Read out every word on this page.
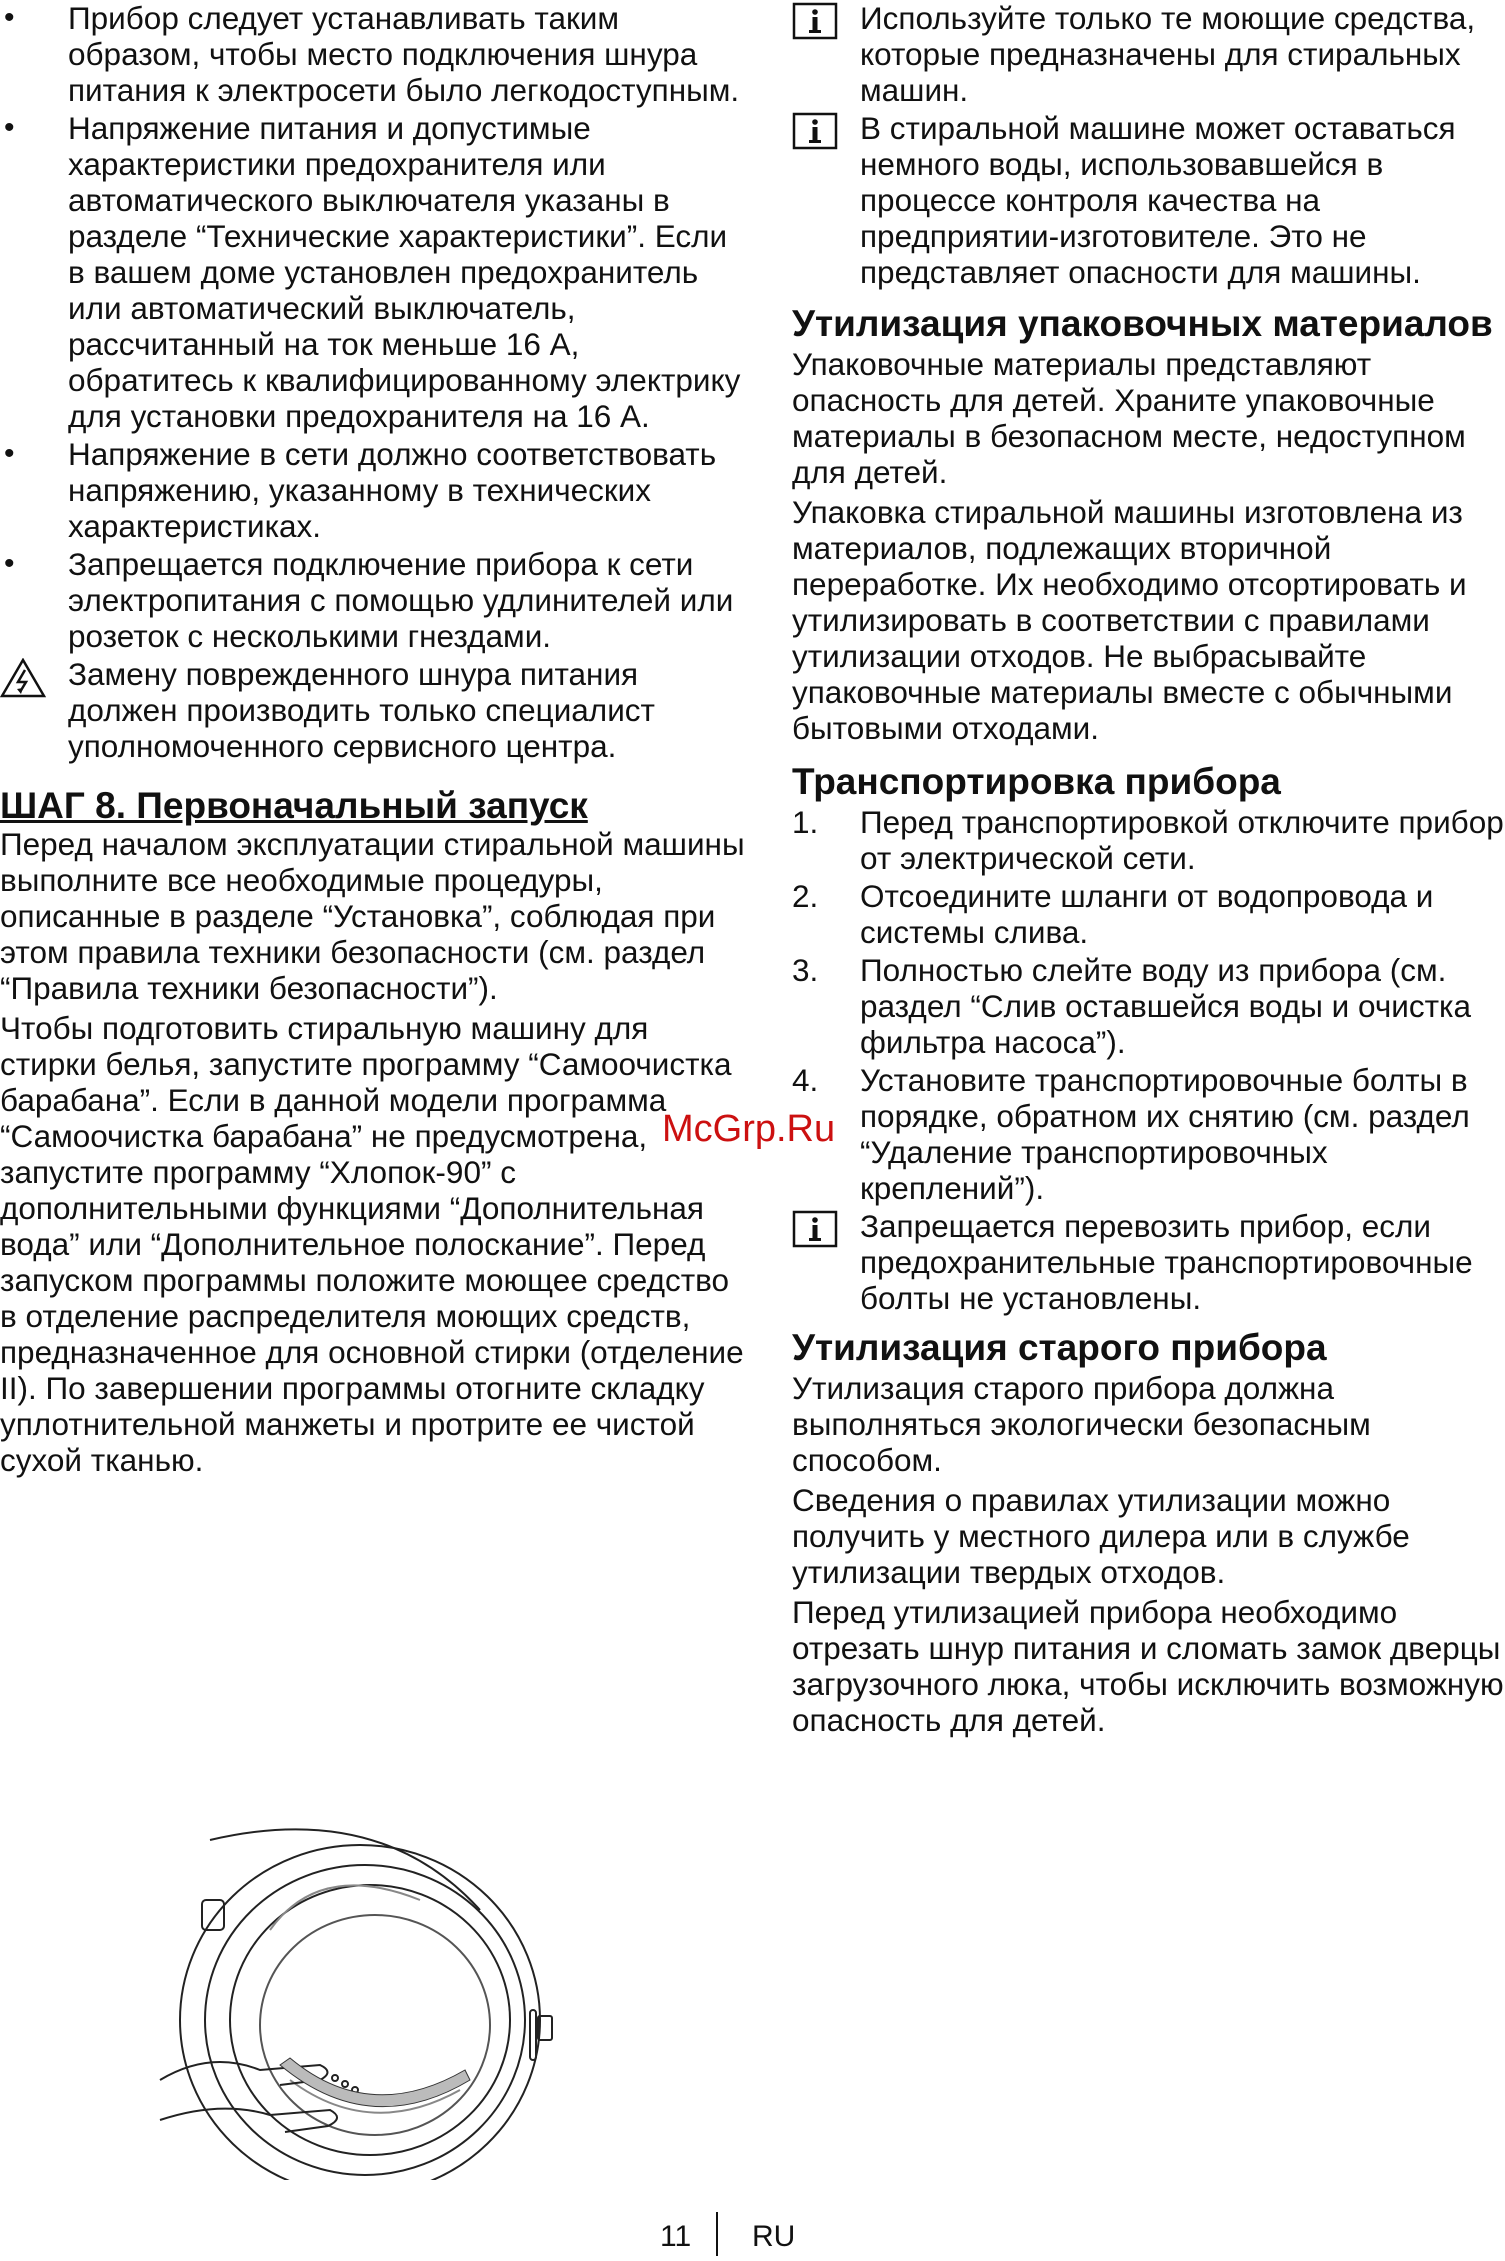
• Прибор следует устанавливать таким образом, чтобы место подключения шнура питания к электросети было легкодоступным.
• Напряжение питания и допустимые характеристики предохранителя или автоматического выключателя указаны в разделе “Технические характеристики”. Если в вашем доме установлен предохранитель или автоматический выключатель, рассчитанный на ток меньше 16 А, обратитесь к квалифицированному электрику для установки предохранителя на 16 А.
• Напряжение в сети должно соответствовать напряжению, указанному в технических характеристиках.
• Запрещается подключение прибора к сети электропитания с помощью удлинителей или розеток с несколькими гнездами.
Замену поврежденного шнура питания должен производить только специалист уполномоченного сервисного центра.
ШАГ 8. Первоначальный запуск

Перед началом эксплуатации стиральной машины выполните все необходимые процедуры, описанные в разделе “Установка”, соблюдая при этом правила техники безопасности (см. раздел “Правила техники безопасности”).

Чтобы подготовить стиральную машину для стирки белья, запустите программу “Самоочистка барабана”. Если в данной модели программа “Самоочистка барабана” не предусмотрена, запустите программу “Хлопок-90” с дополнительными функциями “Дополнительная вода” или “Дополнительное полоскание”. Перед запуском программы положите моющее средство в отделение распределителя моющих средств, предназначенное для основной стирки (отделение II). По завершении программы отогните складку уплотнительной манжеты и протрите ее чистой сухой тканью.

Используйте только те моющие средства, которые предназначены для стиральных машин.
В стиральной машине может оставаться немного воды, использовавшейся в процессе контроля качества на предприятии-изготовителе. Это не представляет опасности для машины.
Утилизация упаковочных материалов

Упаковочные материалы представляют опасность для детей. Храните упаковочные материалы в безопасном месте, недоступном для детей.

Упаковка стиральной машины изготовлена из материалов, подлежащих вторичной переработке. Их необходимо отсортировать и утилизировать в соответствии с правилами утилизации отходов. Не выбрасывайте упаковочные материалы вместе с обычными бытовыми отходами.

Транспортировка прибора
1. Перед транспортировкой отключите прибор от электрической сети.
2. Отсоедините шланги от водопровода и системы слива.
3. Полностью слейте воду из прибора (см. раздел “Слив оставшейся воды и очистка фильтра насоса”).
4. Установите транспортировочные болты в порядке, обратном их снятию (см. раздел “Удаление транспортировочных креплений”).
Запрещается перевозить прибор, если предохранительные транспортировочные болты не установлены.
Утилизация старого прибора

Утилизация старого прибора должна выполняться экологически безопасным способом.

Сведения о правилах утилизации можно получить у местного дилера или в службе утилизации твердых отходов.

Перед утилизацией прибора необходимо отрезать шнур питания и сломать замок дверцы загрузочного люка, чтобы исключить возможную опасность для детей.

McGrp.Ru
11 RU
